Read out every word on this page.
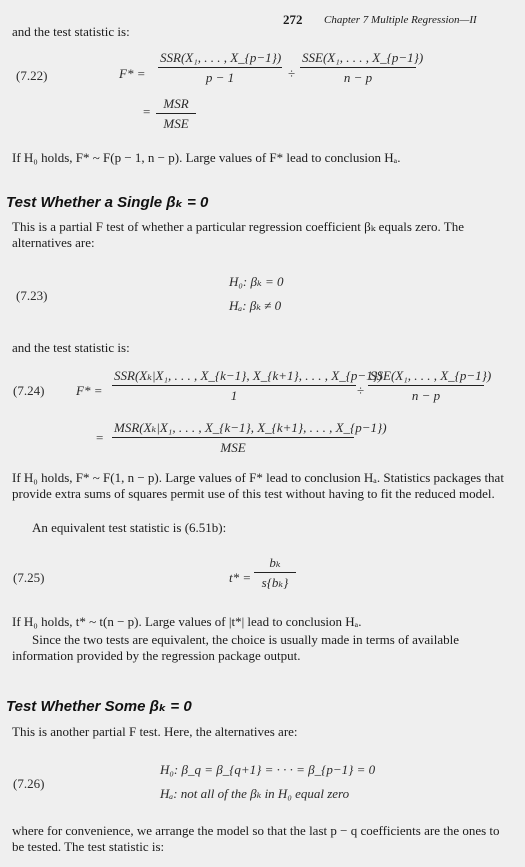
272 Chapter 7 Multiple Regression—II
and the test statistic is:
(7.22)	F* =
SSR(X₁, . . . , X_{p−1})
p − 1	÷
SSE(X₁, . . . , X_{p−1})
n − p
=
MSR
MSE
If H₀ holds, F* ~ F(p − 1, n − p). Large values of F* lead to conclusion Hₐ.
Test Whether a Single βₖ = 0
This is a partial F test of whether a particular regression coefficient βₖ equals zero. The alternatives are:
(7.23)
H₀: βₖ = 0
Hₐ: βₖ ≠ 0
and the test statistic is:
(7.24) F* =
SSR(Xₖ|X₁, . . . , X_{k−1}, X_{k+1}, . . . , X_{p−1})
1	÷
SSE(X₁, . . . , X_{p−1})
n − p
=
MSR(Xₖ|X₁, . . . , X_{k−1}, X_{k+1}, . . . , X_{p−1})
MSE
If H₀ holds, F* ~ F(1, n − p). Large values of F* lead to conclusion Hₐ. Statistics packages that provide extra sums of squares permit use of this test without having to fit the reduced model.
An equivalent test statistic is (6.51b):
(7.25)	t* =
bₖ
s{bₖ}
If H₀ holds, t* ~ t(n − p). Large values of |t*| lead to conclusion Hₐ.
Since the two tests are equivalent, the choice is usually made in terms of available information provided by the regression package output.
Test Whether Some βₖ = 0
This is another partial F test. Here, the alternatives are:
(7.26)
H₀: β_q = β_{q+1} = · · · = β_{p−1} = 0
Hₐ: not all of the βₖ in H₀ equal zero
where for convenience, we arrange the model so that the last p − q coefficients are the ones to be tested. The test statistic is:
